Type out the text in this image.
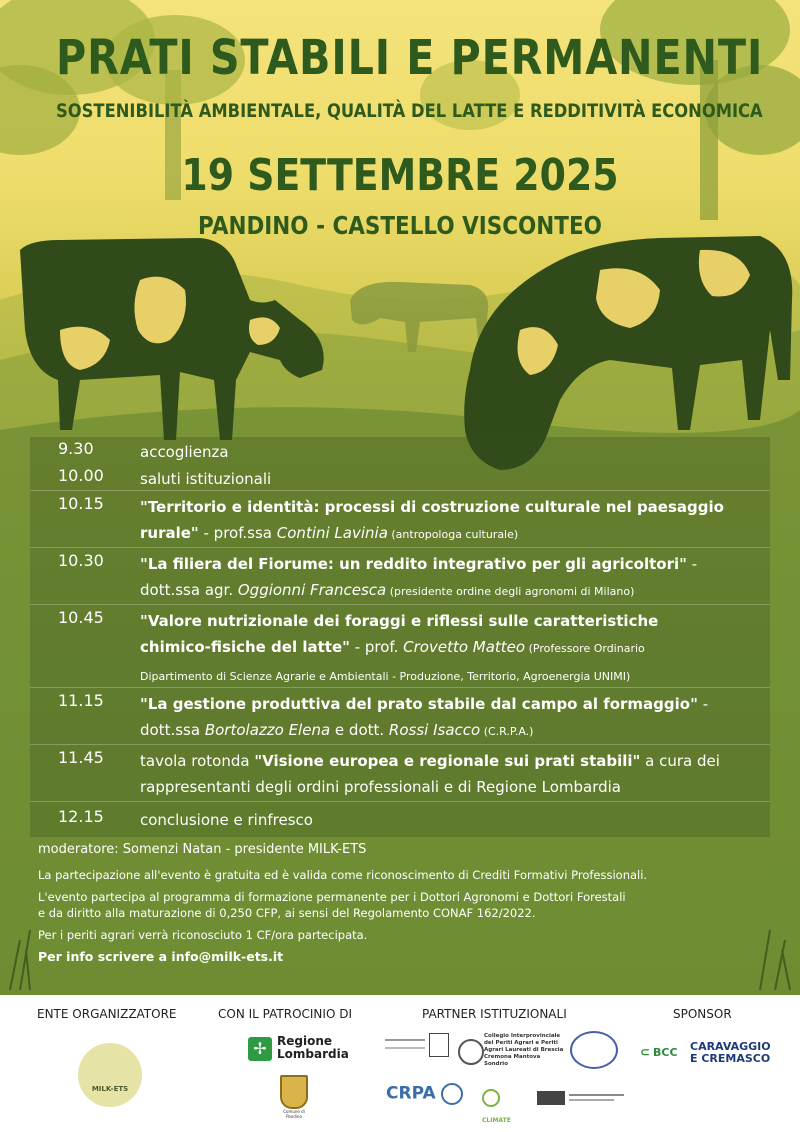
PRATI STABILI E PERMANENTI
SOSTENIBILITÀ AMBIENTALE, QUALITÀ DEL LATTE E REDDITIVITÀ ECONOMICA
19 SETTEMBRE 2025
PANDINO - CASTELLO VISCONTEO
9.30	accoglienza
10.00 saluti istituzionali
10.15 "Territorio e identità: processi di costruzione culturale nel paesaggio
rurale" - prof.ssa Contini Lavinia (antropologa culturale)
10.30 "La filiera del Fiorume: un reddito integrativo per gli agricoltori" -
dott.ssa agr. Oggionni Francesca (presidente ordine degli agronomi di Milano)
10.45 "Valore nutrizionale dei foraggi e riflessi sulle caratteristiche
chimico-fisiche del latte" - prof. Crovetto Matteo (Professore Ordinario
Dipartimento di Scienze Agrarie e Ambientali - Produzione, Territorio, Agroenergia UNIMI)
11.15 "La gestione produttiva del prato stabile dal campo al formaggio" -
dott.ssa Bortolazzo Elena e dott. Rossi Isacco (C.R.P.A.)
11.45 tavola rotonda "Visione europea e regionale sui prati stabili" a cura dei
rappresentanti degli ordini professionali e di Regione Lombardia
12.15 conclusione e rinfresco

moderatore: Somenzi Natan - presidente MILK-ETS

La partecipazione all'evento è gratuita ed è valida come riconoscimento di Crediti Formativi Professionali.

L'evento partecipa al programma di formazione permanente per i Dottori Agronomi e Dottori Forestali

e da diritto alla maturazione di 0,250 CFP, ai sensi del Regolamento CONAF 162/2022.

Per i periti agrari verrà riconosciuto 1 CF/ora partecipata.

Per info scrivere a info@milk-ets.it

ENTE ORGANIZZATORE	CON IL PATROCINIO DI	PARTNER ISTITUZIONALI	SPONSOR
MILK-ETS
✢ Regione
Lombardia
Comune di Pandino
Collegio Interprovinciale
dei Periti Agrari e Periti
Agrari Laureati di Brescia
Cremona Mantova Sondrio
CRPA
CLIMATE
⊂ BCC CARAVAGGIO
E CREMASCO
